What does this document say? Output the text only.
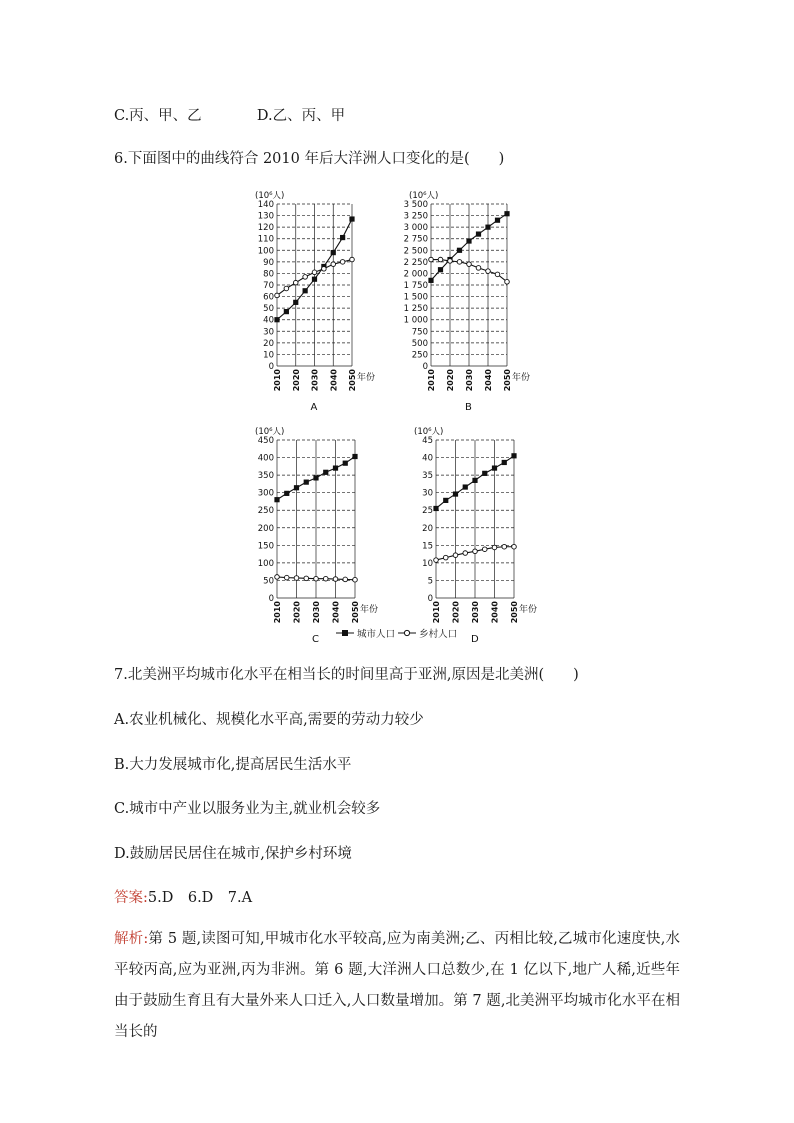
C.丙、甲、乙	D.乙、丙、甲
6.下面图中的曲线符合 2010 年后大洋洲人口变化的是(　　)
(10⁶人)
0
10
20
30
40
50
60
70
80
90
100
110
120
130
140
2010 2020 2030 2040 2050 年份
A
(10⁶人)
0
250
500
750
1 000
1 250
1 500
1 750
2 000
2 250
2 500
2 750
3 000
3 250
3 500
2010 2020 2030 2040 2050 年份
B
(10⁶人)
0
50
100
150
200
250
300
350
400
450
2010 2020 2030 2040 2050 年份
C
(10⁶人)
0
5
10
15
20
25
30
35
40
45
2010 2020 2030 2040 2050 年份
D
城市人口	乡村人口
7.北美洲平均城市化水平在相当长的时间里高于亚洲,原因是北美洲(　　)
A.农业机械化、规模化水平高,需要的劳动力较少
B.大力发展城市化,提高居民生活水平
C.城市中产业以服务业为主,就业机会较多
D.鼓励居民居住在城市,保护乡村环境
答案:5.D　6.D　7.A
解析:第 5 题,读图可知,甲城市化水平较高,应为南美洲;乙、丙相比较,乙城市化速度快,水平较丙高,应为亚洲,丙为非洲。第 6 题,大洋洲人口总数少,在 1 亿以下,地广人稀,近些年由于鼓励生育且有大量外来人口迁入,人口数量增加。第 7 题,北美洲平均城市化水平在相当长的
